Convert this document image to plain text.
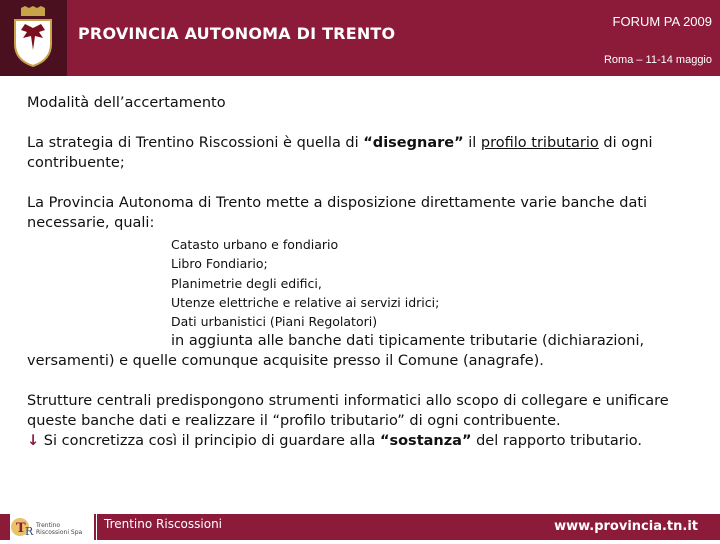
PROVINCIA AUTONOMA DI TRENTO
FORUM PA 2009
Roma – 11-14 maggio

Modalità dell’accertamento

La strategia di Trentino Riscossioni è quella di “disegnare” il profilo tributario di ogni contribuente;

La Provincia Autonoma di Trento mette a disposizione direttamente varie banche dati necessarie, quali:

Catasto urbano e fondiario
Libro Fondiario;
Planimetrie degli edifici,
Utenze elettriche e relative ai servizi idrici;
Dati urbanistici (Piani Regolatori)

in aggiunta alle banche dati tipicamente tributarie (dichiarazioni, versamenti) e quelle comunque acquisite presso il Comune (anagrafe).

Strutture centrali predispongono strumenti informatici allo scopo di collegare e unificare queste banche dati e realizzare il “profilo tributario” di ogni contribuente.

↓ Si concretizza così il principio di guardare alla “sostanza” del rapporto tributario.

T R Trentino
Riscossioni Spa
Trentino Riscossioni	www.provincia.tn.it
